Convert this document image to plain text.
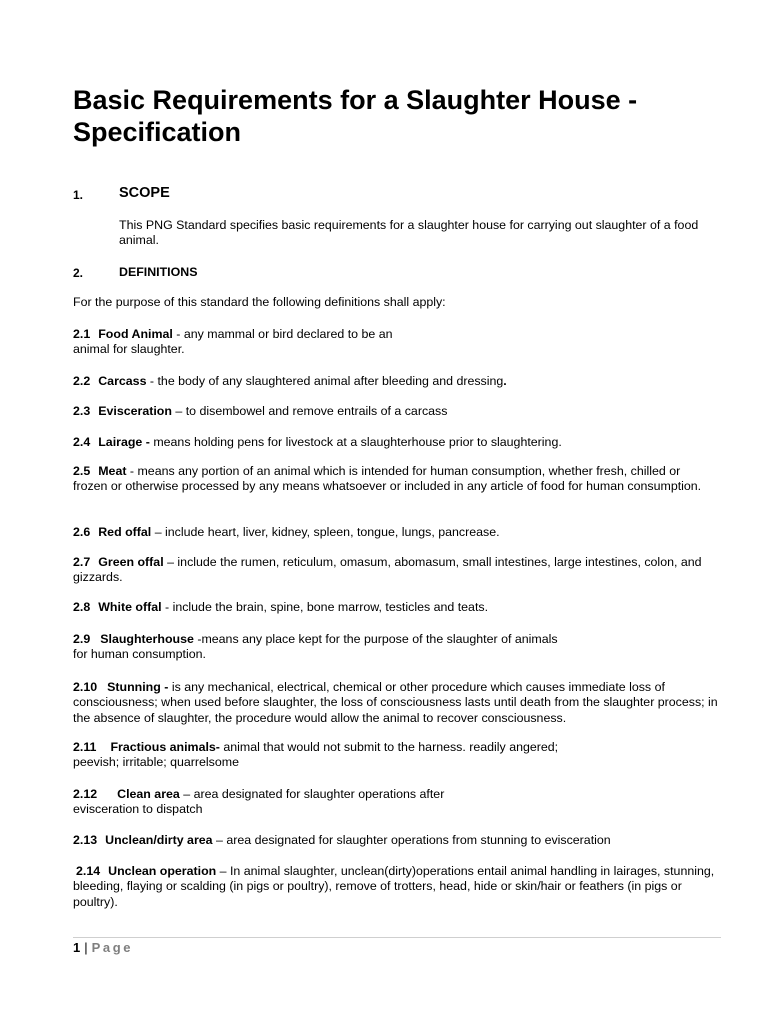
Basic Requirements for a Slaughter House - Specification
1. SCOPE

This PNG Standard specifies basic requirements for a slaughter house for carrying out slaughter of a food animal.

2.	DEFINITIONS

For the purpose of this standard the following definitions shall apply:

2.1 Food Animal - any mammal or bird declared to be an
animal for slaughter.

2.2 Carcass - the body of any slaughtered animal after bleeding and dressing.

2.3 Evisceration – to disembowel and remove entrails of a carcass

2.4 Lairage - means holding pens for livestock at a slaughterhouse prior to slaughtering.

2.5 Meat - means any portion of an animal which is intended for human consumption, whether fresh, chilled or frozen or otherwise processed by any means whatsoever or included in any article of food for human consumption.

2.6 Red offal – include heart, liver, kidney, spleen, tongue, lungs, pancrease.

2.7 Green offal – include the rumen, reticulum, omasum, abomasum, small intestines, large intestines, colon, and gizzards.

2.8 White offal - include the brain, spine, bone marrow, testicles and teats.

2.9 Slaughterhouse -means any place kept for the purpose of the slaughter of animals
for human consumption.

2.10 Stunning - is any mechanical, electrical, chemical or other procedure which causes immediate loss of consciousness; when used before slaughter, the loss of consciousness lasts until death from the slaughter process; in the absence of slaughter, the procedure would allow the animal to recover consciousness.

2.11 Fractious animals- animal that would not submit to the harness. readily angered;
peevish; irritable; quarrelsome

2.12 Clean area – area designated for slaughter operations after
evisceration to dispatch

2.13 Unclean/dirty area – area designated for slaughter operations from stunning to evisceration

2.14 Unclean operation – In animal slaughter, unclean(dirty)operations entail animal handling in lairages, stunning, bleeding, flaying or scalding (in pigs or poultry), remove of trotters, head, hide or skin/hair or feathers (in pigs or poultry).

1 | Page
